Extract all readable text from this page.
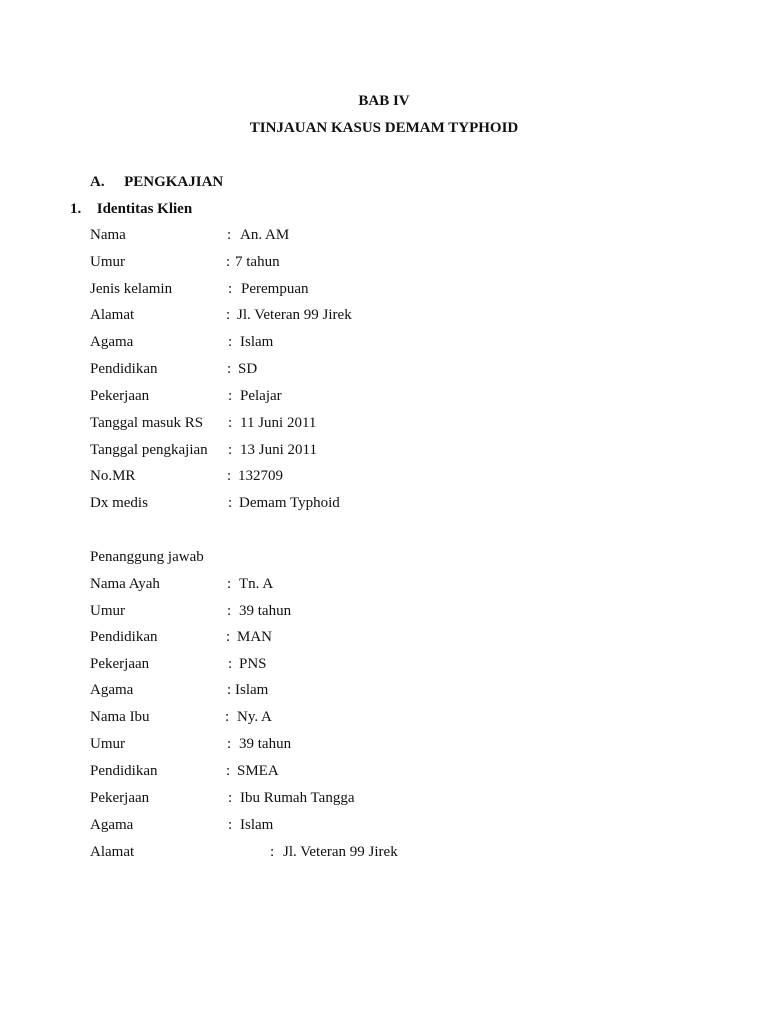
BAB IV
TINJAUAN KASUS DEMAM TYPHOID
A. PENGKAJIAN
1. Identitas Klien
Nama	: An. AM
Umur	: 7 tahun
Jenis kelamin	: Perempuan
Alamat	: Jl. Veteran 99 Jirek
Agama	: Islam
Pendidikan	: SD
Pekerjaan	: Pelajar
Tanggal masuk RS : 11 Juni 2011
Tanggal pengkajian : 13 Juni 2011
No.MR	: 132709
Dx medis	: Demam Typhoid
Penanggung jawab
Nama Ayah	: Tn. A
Umur	: 39 tahun
Pendidikan	: MAN
Pekerjaan	: PNS
Agama	: Islam
Nama Ibu	: Ny. A
Umur	: 39 tahun
Pendidikan	: SMEA
Pekerjaan	: Ibu Rumah Tangga
Agama	: Islam
Alamat	: Jl. Veteran 99 Jirek
